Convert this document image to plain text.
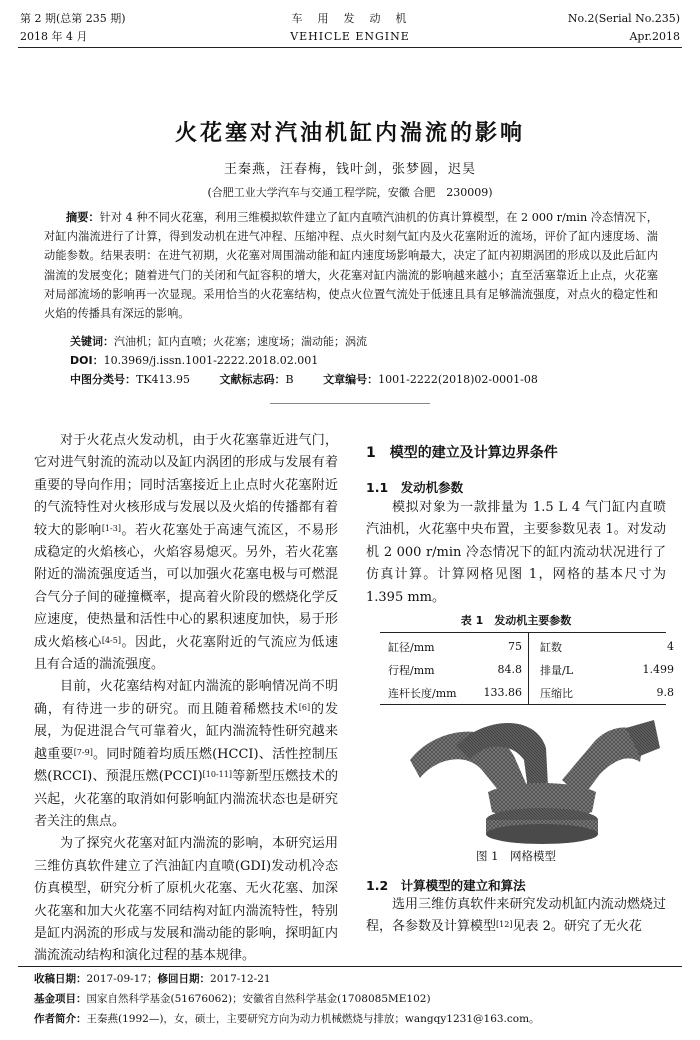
第 2 期(总第 235 期)
2018 年 4 月
车　用　发　动　机
VEHICLE ENGINE
No.2(Serial No.235)
Apr.2018
火花塞对汽油机缸内湍流的影响
王秦燕，汪春梅，钱叶剑，张梦圆，迟昊
(合肥工业大学汽车与交通工程学院，安徽 合肥　230009)
摘要：针对 4 种不同火花塞，利用三维模拟软件建立了缸内直喷汽油机的仿真计算模型，在 2 000 r/min 冷态情况下，对缸内湍流进行了计算，得到发动机在进气冲程、压缩冲程、点火时刻气缸内及火花塞附近的流场，评价了缸内速度场、湍动能参数。结果表明：在进气初期，火花塞对周围湍动能和缸内速度场影响最大，决定了缸内初期涡团的形成以及此后缸内湍流的发展变化；随着进气门的关闭和气缸容积的增大，火花塞对缸内湍流的影响越来越小；直至活塞靠近上止点，火花塞对局部流场的影响再一次显现。采用恰当的火花塞结构，使点火位置气流处于低速且具有足够湍流强度，对点火的稳定性和火焰的传播具有深远的影响。
关键词：汽油机；缸内直喷；火花塞；速度场；湍动能；涡流
DOI：10.3969/j.issn.1001-2222.2018.02.001
中图分类号：TK413.95	文献标志码：B	文章编号：1001-2222(2018)02-0001-08

对于火花点火发动机，由于火花塞靠近进气门，它对进气射流的流动以及缸内涡团的形成与发展有着重要的导向作用；同时活塞接近上止点时火花塞附近的气流特性对火核形成与发展以及火焰的传播都有着较大的影响[1-3]。若火花塞处于高速气流区，不易形成稳定的火焰核心，火焰容易熄灭。另外，若火花塞附近的湍流强度适当，可以加强火花塞电极与可燃混合气分子间的碰撞概率，提高着火阶段的燃烧化学反应速度，使热量和活性中心的累积速度加快，易于形成火焰核心[4-5]。因此，火花塞附近的气流应为低速且有合适的湍流强度。

目前，火花塞结构对缸内湍流的影响情况尚不明确，有待进一步的研究。而且随着稀燃技术[6]的发展，为促进混合气可靠着火，缸内湍流特性研究越来越重要[7-9]。同时随着均质压燃(HCCI)、活性控制压燃(RCCI)、预混压燃(PCCI)[10-11]等新型压燃技术的兴起，火花塞的取消如何影响缸内湍流状态也是研究者关注的焦点。

为了探究火花塞对缸内湍流的影响，本研究运用三维仿真软件建立了汽油缸内直喷(GDI)发动机冷态仿真模型，研究分析了原机火花塞、无火花塞、加深火花塞和加大火花塞不同结构对缸内湍流特性，特别是缸内涡流的形成与发展和湍动能的影响，探明缸内湍流流动结构和演化过程的基本规律。

1　模型的建立及计算边界条件
1.1　发动机参数

模拟对象为一款排量为 1.5 L 4 气门缸内直喷汽油机，火花塞中央布置，主要参数见表 1。对发动机 2 000 r/min 冷态情况下的缸内流动状况进行了仿真计算。计算网格见图 1，网格的基本尺寸为 1.395 mm。

表 1　发动机主要参数
缸径/mm	75	缸数	4
行程/mm	84.8	排量/L	1.499
连杆长度/mm	133.86	压缩比	9.8
图 1　网格模型
1.2　计算模型的建立和算法

选用三维仿真软件来研究发动机缸内流动燃烧过程，各参数及计算模型[12]见表 2。研究了无火花

收稿日期：2017-09-17；修回日期：2017-12-21
基金项目：国家自然科学基金(51676062)；安徽省自然科学基金(1708085ME102)
作者简介：王秦燕(1992—)，女，硕士，主要研究方向为动力机械燃烧与排放；wangqy1231@163.com。
